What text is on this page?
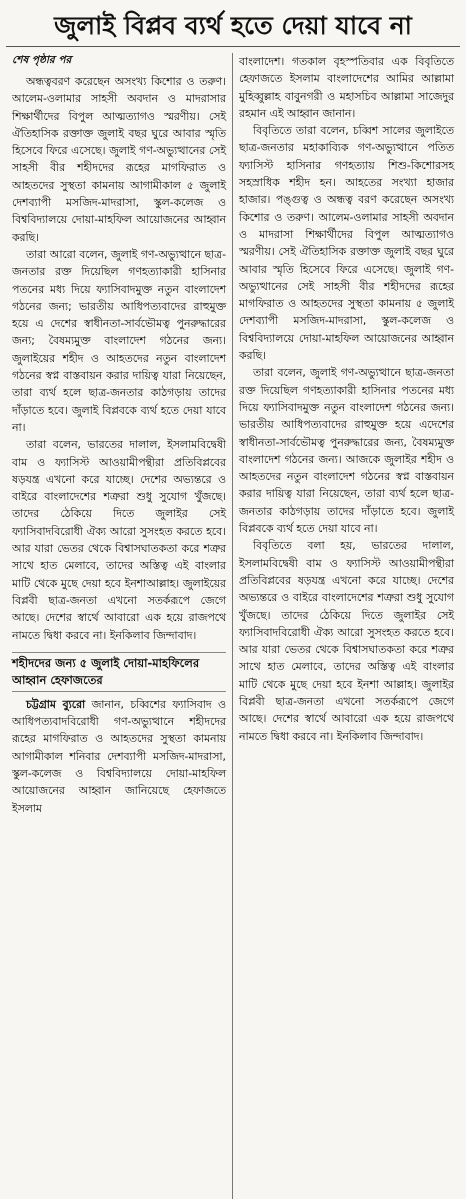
জুলাই বিপ্লব ব্যর্থ হতে দেয়া যাবে না
শেষ পৃষ্ঠার পর

অন্ধত্ববরণ করেছেন অসংখ্য কিশোর ও তরুণ। আলেম-ওলামার সাহসী অবদান ও মাদরাসার শিক্ষার্থীদের বিপুল আত্মত্যাগও স্মরণীয়। সেই ঐতিহাসিক রক্তাক্ত জুলাই বছর ঘুরে আবার স্মৃতি হিসেবে ফিরে এসেছে। জুলাই গণ-অভ্যুত্থানের সেই সাহসী বীর শহীদদের রূহের মাগফিরাত ও আহতদের সুস্থতা কামনায় আগামীকাল ৫ জুলাই দেশব্যাপী মসজিদ-মাদরাসা, স্কুল-কলেজ ও বিশ্ববিদ্যালয়ে দোয়া-মাহফিল আয়োজনের আহ্বান করছি।

তারা আরো বলেন, জুলাই গণ-অভ্যুত্থানে ছাত্র-জনতার রক্ত দিয়েছিল গণহত্যাকারী হাসিনার পতনের মধ্য দিয়ে ফ্যাসিবাদমুক্ত নতুন বাংলাদেশ গঠনের জন্য; ভারতীয় আধিপত্যবাদের রাহুমুক্ত হয়ে এ দেশের স্বাধীনতা-সার্বভৌমত্ব পুনরুদ্ধারের জন্য; বৈষম্যমুক্ত বাংলাদেশ গঠনের জন্য। জুলাইয়ের শহীদ ও আহতদের নতুন বাংলাদেশ গঠনের স্বপ্ন বাস্তবায়ন করার দায়িত্ব যারা নিয়েছেন, তারা ব্যর্থ হলে ছাত্র-জনতার কাঠগড়ায় তাদের দাঁড়াতে হবে। জুলাই বিপ্লবকে ব্যর্থ হতে দেয়া যাবে না।

তারা বলেন, ভারতের দালাল, ইসলামবিদ্বেষী বাম ও ফ্যাসিস্ট আওয়ামীপন্থীরা প্রতিবিপ্লবের ষড়যন্ত্র এখনো করে যাচ্ছে। দেশের অভ্যন্তরে ও বাইরে বাংলাদেশের শত্রুরা শুধু সুযোগ খুঁজছে। তাদের ঠেকিয়ে দিতে জুলাইর সেই ফ্যাসিবাদবিরোধী ঐক্য আরো সুসংহত করতে হবে। আর যারা ভেতর থেকে বিশ্বাসঘাতকতা করে শত্রুর সাথে হাত মেলাবে, তাদের অস্তিত্ব এই বাংলার মাটি থেকে মুছে দেয়া হবে ইনশাআল্লাহ। জুলাইয়ের বিপ্লবী ছাত্র-জনতা এখনো সতর্করূপে জেগে আছে। দেশের স্বার্থে আবারো এক হয়ে রাজপথে নামতে দ্বিধা করবে না। ইনকিলাব জিন্দাবাদ।

শহীদদের জন্য ৫ জুলাই দোয়া-মাহফিলের আহ্বান হেফাজতের

চট্টগ্রাম ব্যুরো জানান, চব্বিশের ফ্যাসিবাদ ও আধিপত্যবাদবিরোধী গণ-অভ্যুত্থানে শহীদদের রূহের মাগফিরাত ও আহতদের সুস্থতা কামনায় আগামীকাল শনিবার দেশব্যাপী মসজিদ-মাদরাসা, স্কুল-কলেজ ও বিশ্ববিদ্যালয়ে দোয়া-মাহফিল আয়োজনের আহ্বান জানিয়েছে হেফাজতে ইসলাম

বাংলাদেশ। গতকাল বৃহস্পতিবার এক বিবৃতিতে হেফাজতে ইসলাম বাংলাদেশের আমির আল্লামা মুহিব্বুল্লাহ বাবুনগরী ও মহাসচিব আল্লামা সাজেদুর রহমান এই আহ্বান জানান।

বিবৃতিতে তারা বলেন, চব্বিশ সালের জুলাইতে ছাত্র-জনতার মহাকাব্যিক গণ-অভ্যুত্থানে পতিত ফ্যাসিস্ট হাসিনার গণহত্যায় শিশু-কিশোরসহ সহস্রাধিক শহীদ হন। আহতের সংখ্যা হাজার হাজার। পঙ্গুত্ব ও অন্ধত্ব বরণ করেছেন অসংখ্য কিশোর ও তরুণ। আলেম-ওলামার সাহসী অবদান ও মাদরাসা শিক্ষার্থীদের বিপুল আত্মত্যাগও স্মরণীয়। সেই ঐতিহাসিক রক্তাক্ত জুলাই বছর ঘুরে আবার স্মৃতি হিসেবে ফিরে এসেছে। জুলাই গণ-অভ্যুত্থানের সেই সাহসী বীর শহীদদের রূহের মাগফিরাত ও আহতদের সুস্থতা কামনায় ৫ জুলাই দেশব্যাপী মসজিদ-মাদরাসা, স্কুল-কলেজ ও বিশ্ববিদ্যালয়ে দোয়া-মাহফিল আয়োজনের আহ্বান করছি।

তারা বলেন, জুলাই গণ-অভ্যুত্থানে ছাত্র-জনতা রক্ত দিয়েছিল গণহত্যাকারী হাসিনার পতনের মধ্য দিয়ে ফ্যাসিবাদমুক্ত নতুন বাংলাদেশ গঠনের জন্য। ভারতীয় আধিপত্যবাদের রাহুমুক্ত হয়ে এদেশের স্বাধীনতা-সার্বভৌমত্ব পুনরুদ্ধারের জন্য, বৈষম্যমুক্ত বাংলাদেশ গঠনের জন্য। আজকে জুলাইর শহীদ ও আহতদের নতুন বাংলাদেশ গঠনের স্বপ্ন বাস্তবায়ন করার দায়িত্ব যারা নিয়েছেন, তারা ব্যর্থ হলে ছাত্র-জনতার কাঠগড়ায় তাদের দাঁড়াতে হবে। জুলাই বিপ্লবকে ব্যর্থ হতে দেয়া যাবে না।

বিবৃতিতে বলা হয়, ভারতের দালাল, ইসলামবিদ্বেষী বাম ও ফ্যাসিস্ট আওয়ামীপন্থীরা প্রতিবিপ্লবের ষড়যন্ত্র এখনো করে যাচ্ছে। দেশের অভ্যন্তরে ও বাইরে বাংলাদেশের শত্রুরা শুধু সুযোগ খুঁজছে। তাদের ঠেকিয়ে দিতে জুলাইর সেই ফ্যাসিবাদবিরোধী ঐক্য আরো সুসংহত করতে হবে। আর যারা ভেতর থেকে বিশ্বাসঘাতকতা করে শত্রুর সাথে হাত মেলাবে, তাদের অস্তিত্ব এই বাংলার মাটি থেকে মুছে দেয়া হবে ইনশা আল্লাহ। জুলাইর বিপ্লবী ছাত্র-জনতা এখনো সতর্করূপে জেগে আছে। দেশের স্বার্থে আবারো এক হয়ে রাজপথে নামতে দ্বিধা করবে না। ইনকিলাব জিন্দাবাদ।
